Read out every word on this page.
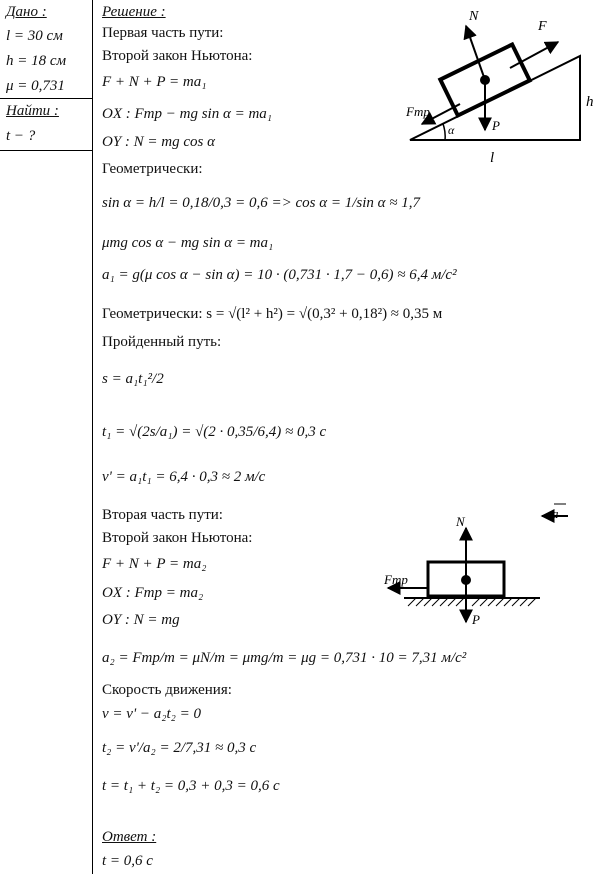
Дано :
l = 30 см
h = 18 см
μ = 0,731
Найти :
t − ?
Решение :
Первая часть пути:
Второй закон Ньютона:
F + N + P = ma₁
OX : Fтр − mg sin α = ma₁
OY : N = mg cos α
Геометрически:
sin α = h/l = 0,18/0,3 = 0,6 => cos α = 1/sin α ≈ 1,7
μmg cos α − mg sin α = ma₁
a₁ = g(μ cos α − sin α) = 10 · (0,731 · 1,7 − 0,6) ≈ 6,4 м/с²
Геометрически: s = √(l² + h²) = √(0,3² + 0,18²) ≈ 0,35 м
Пройденный путь:
s = a₁t₁²/2
t₁ = √(2s/a₁) = √(2 · 0,35/6,4) ≈ 0,3 с
v' = a₁t₁ = 6,4 · 0,3 ≈ 2 м/с
Вторая часть пути:
Второй закон Ньютона:
F + N + P = ma₂
OX : Fтр = ma₂
OY : N = mg
a₂ = Fтр/m = μN/m = μmg/m = μg = 0,731 · 10 = 7,31 м/с²
Скорость движения:
v = v' − a₂t₂ = 0
t₂ = v'/a₂ = 2/7,31 ≈ 0,3 с
t = t₁ + t₂ = 0,3 + 0,3 = 0,6 с
Ответ :
t = 0,6 с
N
F
h
Fтр
α	P
l
a
N
Fтр
P
